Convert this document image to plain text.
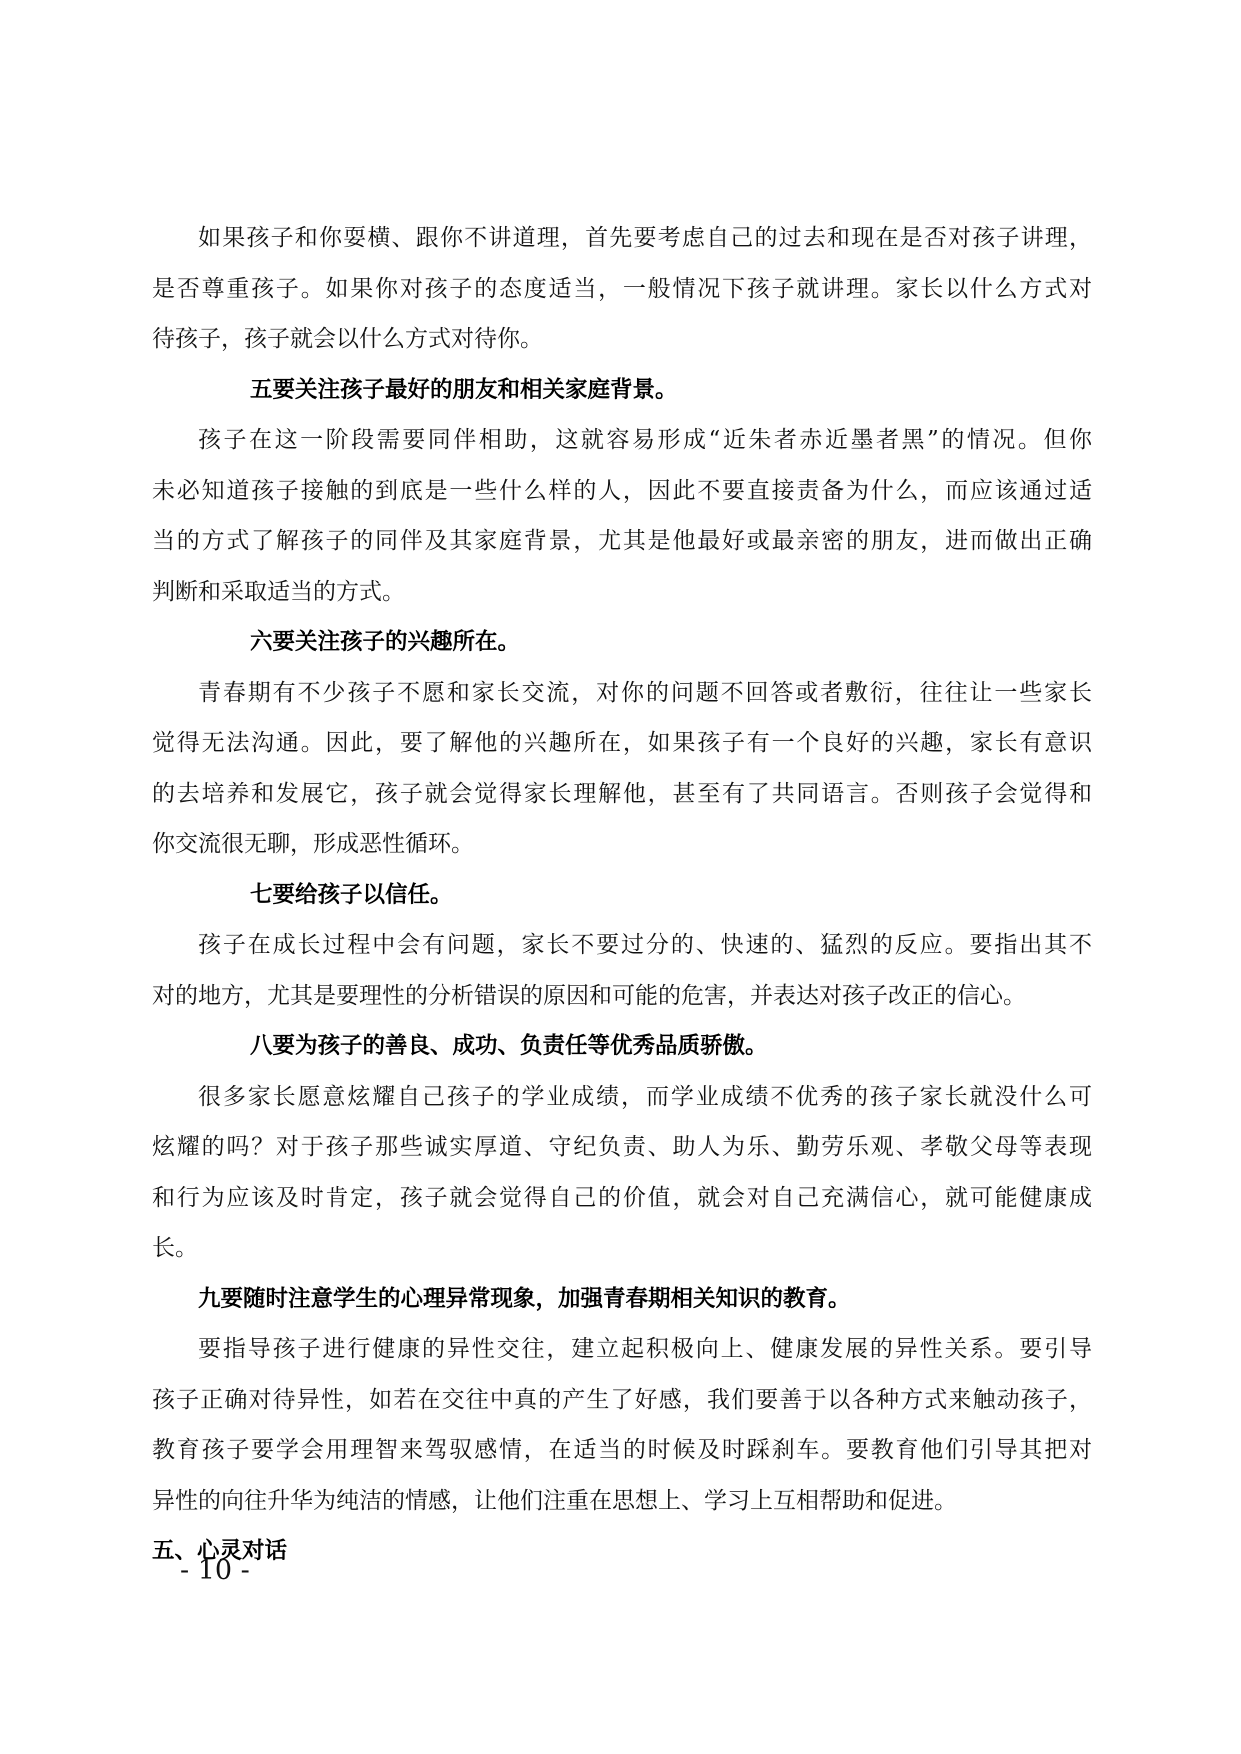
如果孩子和你耍横、跟你不讲道理，首先要考虑自己的过去和现在是否对孩子讲理，
是否尊重孩子。如果你对孩子的态度适当，一般情况下孩子就讲理。家长以什么方式对
待孩子，孩子就会以什么方式对待你。
五要关注孩子最好的朋友和相关家庭背景。
孩子在这一阶段需要同伴相助，这就容易形成“近朱者赤近墨者黑”的情况。但你
未必知道孩子接触的到底是一些什么样的人，因此不要直接责备为什么，而应该通过适
当的方式了解孩子的同伴及其家庭背景，尤其是他最好或最亲密的朋友，进而做出正确
判断和采取适当的方式。
六要关注孩子的兴趣所在。
青春期有不少孩子不愿和家长交流，对你的问题不回答或者敷衍，往往让一些家长
觉得无法沟通。因此，要了解他的兴趣所在，如果孩子有一个良好的兴趣，家长有意识
的去培养和发展它，孩子就会觉得家长理解他，甚至有了共同语言。否则孩子会觉得和
你交流很无聊，形成恶性循环。
七要给孩子以信任。
孩子在成长过程中会有问题，家长不要过分的、快速的、猛烈的反应。要指出其不
对的地方，尤其是要理性的分析错误的原因和可能的危害，并表达对孩子改正的信心。
八要为孩子的善良、成功、负责任等优秀品质骄傲。
很多家长愿意炫耀自己孩子的学业成绩，而学业成绩不优秀的孩子家长就没什么可
炫耀的吗？对于孩子那些诚实厚道、守纪负责、助人为乐、勤劳乐观、孝敬父母等表现
和行为应该及时肯定，孩子就会觉得自己的价值，就会对自己充满信心，就可能健康成
长。
九要随时注意学生的心理异常现象，加强青春期相关知识的教育。
要指导孩子进行健康的异性交往，建立起积极向上、健康发展的异性关系。要引导
孩子正确对待异性，如若在交往中真的产生了好感，我们要善于以各种方式来触动孩子，
教育孩子要学会用理智来驾驭感情，在适当的时候及时踩刹车。要教育他们引导其把对
异性的向往升华为纯洁的情感，让他们注重在思想上、学习上互相帮助和促进。
五、心灵对话
- 10 -
